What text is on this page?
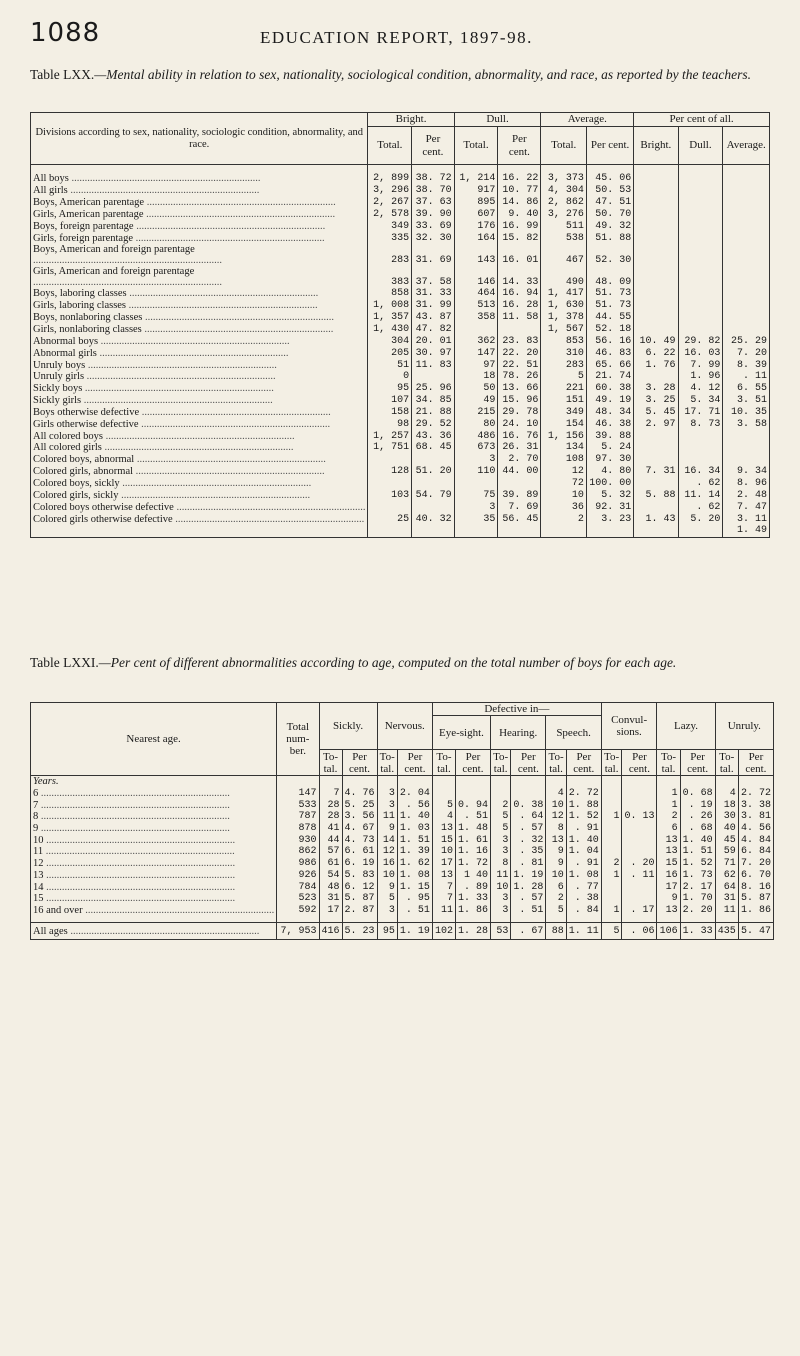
1088	EDUCATION REPORT, 1897-98.
Table LXX.—Mental ability in relation to sex, nationality, sociological condition, abnormality, and race, as reported by the teachers.
Divisions according to sex, nationality, sociologic condition, abnormality, and race.	Bright.		Dull.		Average.		Per cent of all.		
	Total.	Per cent.	Total.	Per cent.	Total.	Per cent.	Bright.	Dull.	Average.

All boys .....	2, 899	38. 72	1, 214	16. 22	3, 373	45. 06			

All girls .....	3, 296	38. 70	917	10. 77	4, 304	50. 53			

Boys, American parentage .....	2, 267	37. 63	895	14. 86	2, 862	47. 51			

Girls, American parentage .....	2, 578	39. 90	607	9. 40	3, 276	50. 70			

Boys, foreign parentage .....	349	33. 69	176	16. 99	511	49. 32			

Girls, foreign parentage .....	335	32. 30	164	15. 82	538	51. 88			

Boys, American and foreign parentage .....	283	31. 69	143	16. 01	467	52. 30			

Girls, American and foreign parentage .....	383	37. 58	146	14. 33	490	48. 09			

Boys, laboring classes .....	858	31. 33	464	16. 94	1, 417	51. 73			

Girls, laboring classes .....	1, 008	31. 99	513	16. 28	1, 630	51. 73			

Boys, nonlaboring classes .....	1, 357	43. 87	358	11. 58	1, 378	44. 55			

Girls, nonlaboring classes .....	1, 430	47. 82			1, 567	52. 18			

Abnormal boys .....	304	20. 01	362	23. 83	853	56. 16	10. 49	29. 82	25. 29

Abnormal girls .....	205	30. 97	147	22. 20	310	46. 83	6. 22	16. 03	7. 20

Unruly boys .....	51	11. 83	97	22. 51	283	65. 66	1. 76	7. 99	8. 39

Unruly girls .....	0		18	78. 26	5	21. 74		1. 96	. 11

Sickly boys .....	95	25. 96	50	13. 66	221	60. 38	3. 28	4. 12	6. 55

Sickly girls .....	107	34. 85	49	15. 96	151	49. 19	3. 25	5. 34	3. 51

Boys otherwise defective .....	158	21. 88	215	29. 78	349	48. 34	5. 45	17. 71	10. 35

Girls otherwise defective .....	98	29. 52	80	24. 10	154	46. 38	2. 97	8. 73	3. 58

All colored boys .....	1, 257	43. 36	486	16. 76	1, 156	39. 88			

All colored girls .....	1, 751	68. 45	673	26. 31	134	5. 24			

Colored boys, abnormal .....			3	2. 70	108	97. 30			

Colored girls, abnormal .....	128	51. 20	110	44. 00	12	4. 80	7. 31	16. 34	9. 34

Colored boys, sickly .....					72	100. 00		. 62	8. 96

Colored girls, sickly .....	103	54. 79	75	39. 89	10	5. 32	5. 88	11. 14	2. 48

Colored boys otherwise defective .....			3	7. 69	36	92. 31		. 62	7. 47

Colored girls otherwise defective .....	25	40. 32	35	56. 45	2	3. 23	1. 43	5. 20	3. 11

									1. 49
Table LXXI.—Per cent of different abnormalities according to age, computed on the total number of boys for each age.
Nearest age.	Total num-ber.	Sickly.		Nervous.		Defective in—						Convul-sions.		Lazy.		Unruly.	
						Eye-sight.		Hearing.		Speech.							
		To-tal.	Per cent.	To-tal.	Per cent.	To-tal.	Per cent.	To-tal.	Per cent.	To-tal.	Per cent.	To-tal.	Per cent.	To-tal.	Per cent.	To-tal.	Per cent.
Years.																	

6 .....	147	7	4. 76	3	2. 04					4	2. 72			1	0. 68	4	2. 72

7 .....	533	28	5. 25	3	. 56	5	0. 94	2	0. 38	10	1. 88			1	. 19	18	3. 38

8 .....	787	28	3. 56	11	1. 40	4	. 51	5	. 64	12	1. 52	1	0. 13	2	. 26	30	3. 81

9 .....	878	41	4. 67	9	1. 03	13	1. 48	5	. 57	8	. 91			6	. 68	40	4. 56

10 .....	930	44	4. 73	14	1. 51	15	1. 61	3	. 32	13	1. 40			13	1. 40	45	4. 84

11 .....	862	57	6. 61	12	1. 39	10	1. 16	3	. 35	9	1. 04			13	1. 51	59	6. 84

12 .....	986	61	6. 19	16	1. 62	17	1. 72	8	. 81	9	. 91	2	. 20	15	1. 52	71	7. 20

13 .....	926	54	5. 83	10	1. 08	13	1 40	11	1. 19	10	1. 08	1	. 11	16	1. 73	62	6. 70

14 .....	784	48	6. 12	9	1. 15	7	. 89	10	1. 28	6	. 77			17	2. 17	64	8. 16

15 .....	523	31	5. 87	5	. 95	7	1. 33	3	. 57	2	. 38			9	1. 70	31	5. 87

16 and over .....	592	17	2. 87	3	. 51	11	1. 86	3	. 51	5	. 84	1	. 17	13	2. 20	11	1. 86

All ages .....	7, 953	416	5. 23	95	1. 19	102	1. 28	53	. 67	88	1. 11	5	. 06	106	1. 33	435	5. 47
